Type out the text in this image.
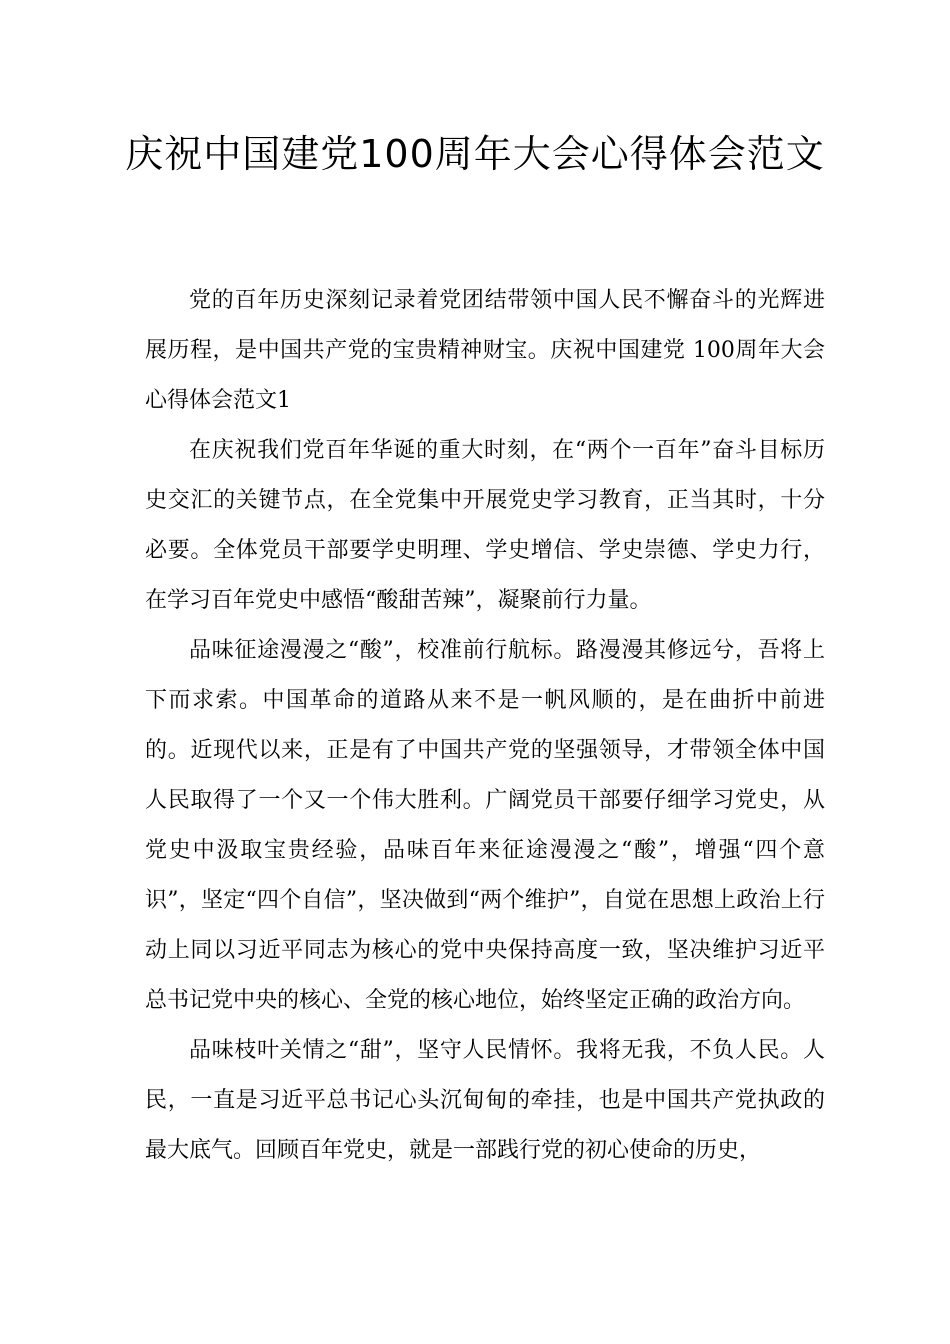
庆祝中国建党100周年大会心得体会范文

党的百年历史深刻记录着党团结带领中国人民不懈奋斗的光辉进展历程，是中国共产党的宝贵精神财宝。庆祝中国建党 100周年大会心得体会范文1

在庆祝我们党百年华诞的重大时刻，在“两个一百年”奋斗目标历史交汇的关键节点，在全党集中开展党史学习教育，正当其时，十分必要。全体党员干部要学史明理、学史增信、学史崇德、学史力行，在学习百年党史中感悟“酸甜苦辣”，凝聚前行力量。

品味征途漫漫之“酸”，校准前行航标。路漫漫其修远兮，吾将上下而求索。中国革命的道路从来不是一帆风顺的，是在曲折中前进的。近现代以来，正是有了中国共产党的坚强领导，才带领全体中国人民取得了一个又一个伟大胜利。广阔党员干部要仔细学习党史，从党史中汲取宝贵经验，品味百年来征途漫漫之“酸”，增强“四个意识”，坚定“四个自信”，坚决做到“两个维护”，自觉在思想上政治上行动上同以习近平同志为核心的党中央保持高度一致，坚决维护习近平总书记党中央的核心、全党的核心地位，始终坚定正确的政治方向。

品味枝叶关情之“甜”，坚守人民情怀。我将无我，不负人民。人民，一直是习近平总书记心头沉甸甸的牵挂，也是中国共产党执政的最大底气。回顾百年党史，就是一部践行党的初心使命的历史，
